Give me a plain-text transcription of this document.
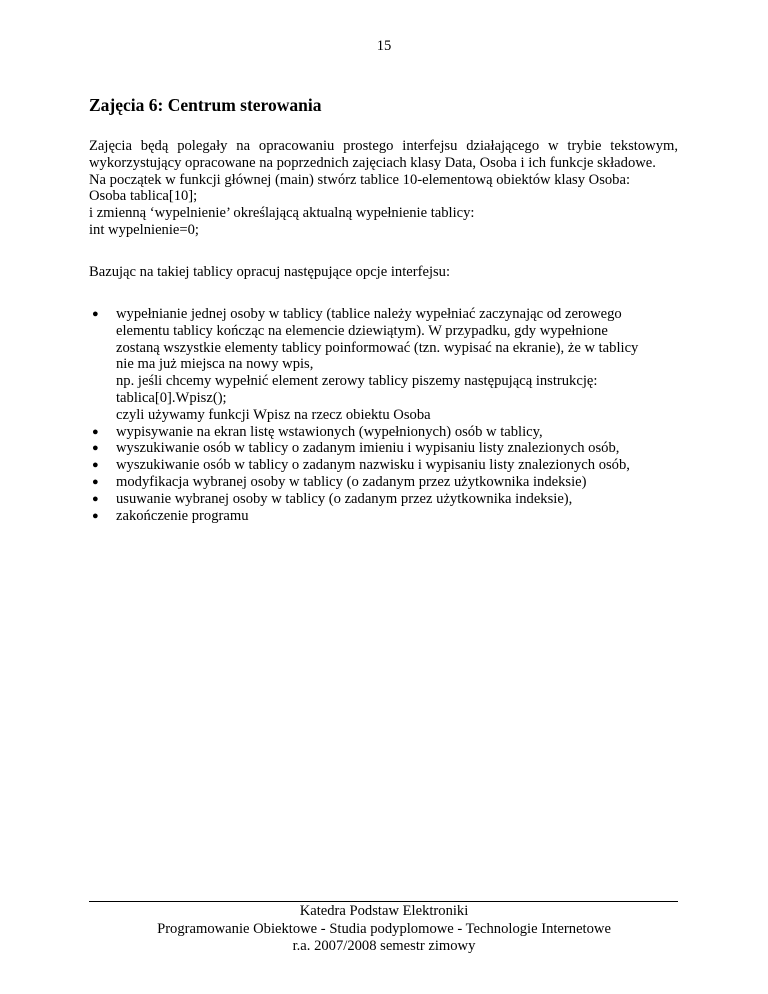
15
Zajęcia 6: Centrum sterowania

Zajęcia będą polegały na opracowaniu prostego interfejsu działającego w trybie tekstowym, wykorzystujący opracowane na poprzednich zajęciach klasy Data, Osoba i ich funkcje składowe.

Na początek w funkcji głównej (main) stwórz tablice 10-elementową obiektów klasy Osoba:

Osoba tablica[10];

i zmienną ‘wypelnienie’ określającą aktualną wypełnienie tablicy:

int wypelnienie=0;

Bazując na takiej tablicy opracuj następujące opcje interfejsu:

● wypełnianie jednej osoby w tablicy (tablice należy wypełniać zaczynając od zerowego
elementu tablicy kończąc na elemencie dziewiątym). W przypadku, gdy wypełnione
zostaną wszystkie elementy tablicy poinformować (tzn. wypisać na ekranie), że w tablicy
nie ma już miejsca na nowy wpis,
np. jeśli chcemy wypełnić element zerowy tablicy piszemy następującą instrukcję:
tablica[0].Wpisz();
czyli używamy funkcji Wpisz na rzecz obiektu Osoba
● wypisywanie na ekran listę wstawionych (wypełnionych) osób w tablicy,
● wyszukiwanie osób w tablicy o zadanym imieniu i wypisaniu listy znalezionych osób,
● wyszukiwanie osób w tablicy o zadanym nazwisku i wypisaniu listy znalezionych osób,
● modyfikacja wybranej osoby w tablicy (o zadanym przez użytkownika indeksie)
● usuwanie wybranej osoby w tablicy (o zadanym przez użytkownika indeksie),
● zakończenie programu
Katedra Podstaw Elektroniki
Programowanie Obiektowe - Studia podyplomowe - Technologie Internetowe
r.a. 2007/2008 semestr zimowy
